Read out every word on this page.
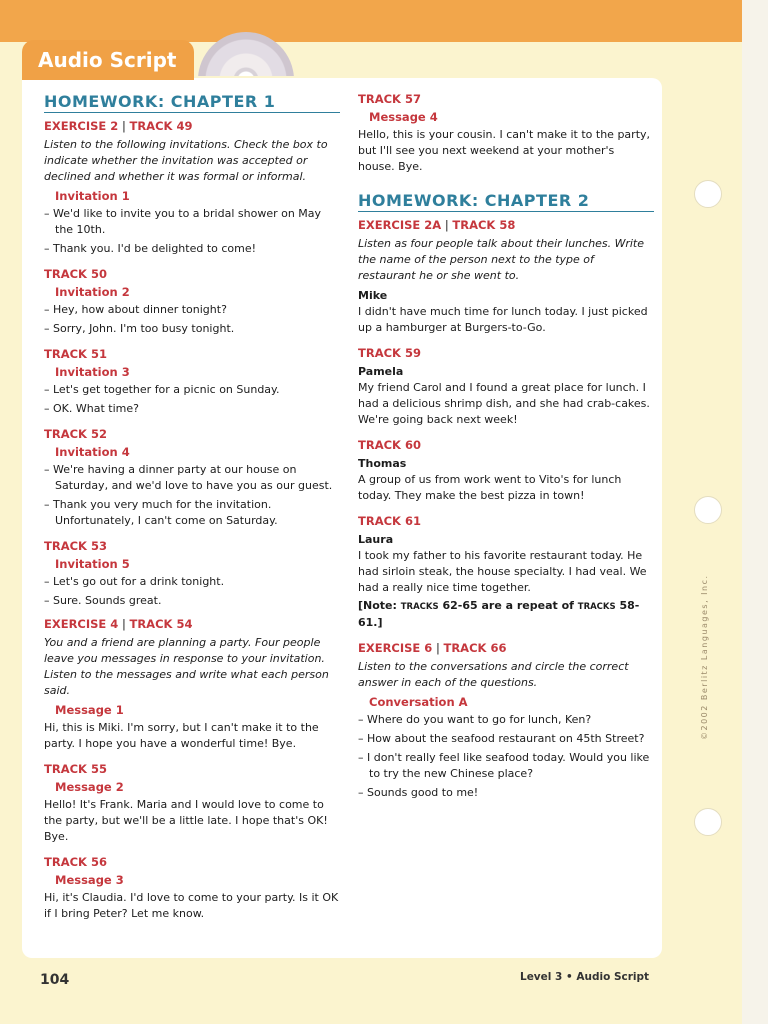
Audio Script
HOMEWORK: CHAPTER 1
EXERCISE 2 | TRACK 49
Listen to the following invitations. Check the box to indicate whether the invitation was accepted or declined and whether it was formal or informal.
Invitation 1
– We'd like to invite you to a bridal shower on May the 10th.
– Thank you. I'd be delighted to come!
TRACK 50
Invitation 2
– Hey, how about dinner tonight?
– Sorry, John. I'm too busy tonight.
TRACK 51
Invitation 3
– Let's get together for a picnic on Sunday.
– OK. What time?
TRACK 52
Invitation 4
– We're having a dinner party at our house on Saturday, and we'd love to have you as our guest.
– Thank you very much for the invitation. Unfortunately, I can't come on Saturday.
TRACK 53
Invitation 5
– Let's go out for a drink tonight.
– Sure. Sounds great.
EXERCISE 4 | TRACK 54
You and a friend are planning a party. Four people leave you messages in response to your invitation.
Listen to the messages and write what each person said.
Message 1
Hi, this is Miki. I'm sorry, but I can't make it to the party. I hope you have a wonderful time! Bye.
TRACK 55
Message 2
Hello! It's Frank. Maria and I would love to come to the party, but we'll be a little late. I hope that's OK! Bye.
TRACK 56
Message 3
Hi, it's Claudia. I'd love to come to your party. Is it OK if I bring Peter? Let me know.
TRACK 57
Message 4
Hello, this is your cousin. I can't make it to the party, but I'll see you next weekend at your mother's house. Bye.
HOMEWORK: CHAPTER 2
EXERCISE 2A | TRACK 58
Listen as four people talk about their lunches. Write the name of the person next to the type of restaurant he or she went to.
Mike
I didn't have much time for lunch today. I just picked up a hamburger at Burgers-to-Go.
TRACK 59
Pamela
My friend Carol and I found a great place for lunch. I had a delicious shrimp dish, and she had crab-cakes. We're going back next week!
TRACK 60
Thomas
A group of us from work went to Vito's for lunch today. They make the best pizza in town!
TRACK 61
Laura
I took my father to his favorite restaurant today. He had sirloin steak, the house specialty. I had veal. We had a really nice time together.
[Note: TRACKS 62-65 are a repeat of TRACKS 58-61.]
EXERCISE 6 | TRACK 66
Listen to the conversations and circle the correct answer in each of the questions.
Conversation A
– Where do you want to go for lunch, Ken?
– How about the seafood restaurant on 45th Street?
– I don't really feel like seafood today. Would you like to try the new Chinese place?
– Sounds good to me!
©2002 Berlitz Languages, Inc.
104	Level 3 • Audio Script
